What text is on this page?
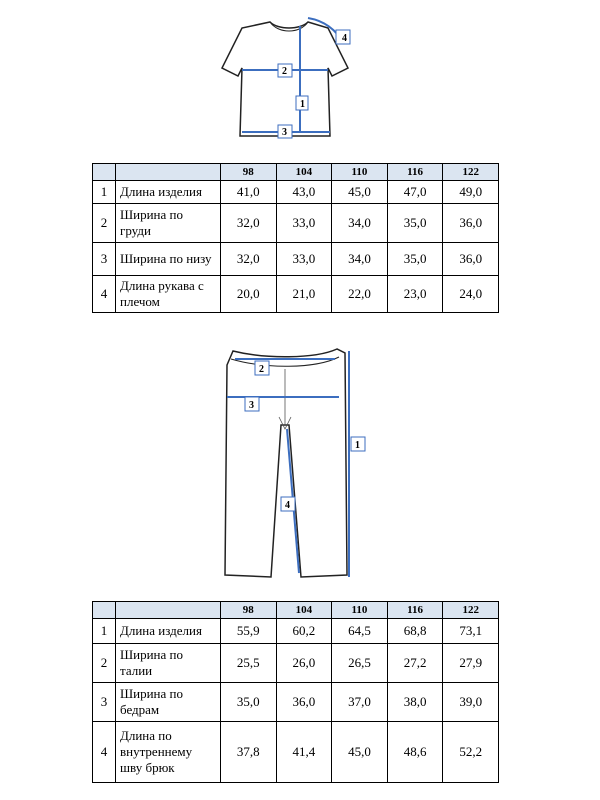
1
2
3
4
		98	104	110	116	122
1	Длина изделия	41,0	43,0	45,0	47,0	49,0
2	Ширина по груди	32,0	33,0	34,0	35,0	36,0
3	Ширина по низу	32,0	33,0	34,0	35,0	36,0
4	Длина рукава с плечом	20,0	21,0	22,0	23,0	24,0
1
2
3
4
		98	104	110	116	122
1	Длина изделия	55,9	60,2	64,5	68,8	73,1
2	Ширина по талии	25,5	26,0	26,5	27,2	27,9
3	Ширина по бедрам	35,0	36,0	37,0	38,0	39,0
4	Длина по внутреннему шву брюк	37,8	41,4	45,0	48,6	52,2
